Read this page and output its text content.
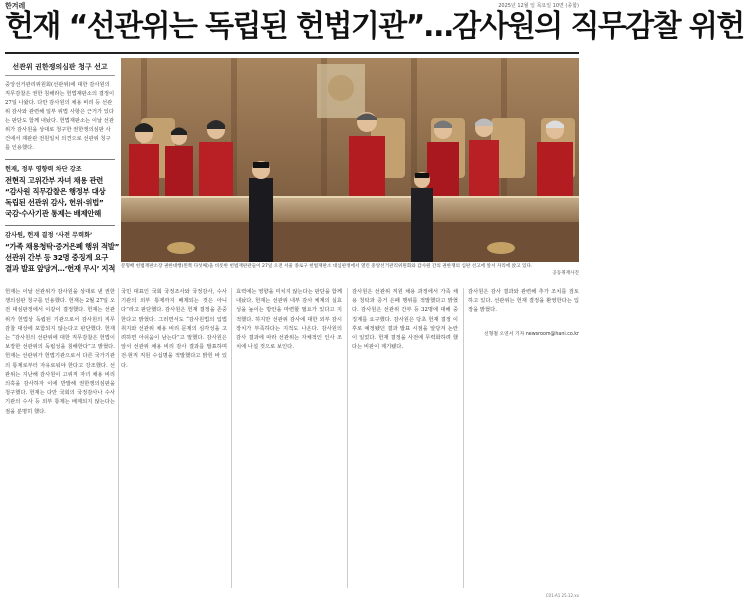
한겨레	2025년 12월 일 목요일 10면 (종합)
헌재 “선관위는 독립된 헌법기관”…감사원의 직무감찰 위헌
선관위 권한쟁의심판 청구 선고

중앙선거관리위원회(선관위)에 대한 감사원의 직무감찰은 권한 침해라는 헌법재판소의 결정이 27일 나왔다. 다만 감사원의 채용 비리 등 선관위 감사와 관련해 일부 위법 사항은 근거가 있다는 판단도 함께 내놨다. 헌법재판소는 이날 선관위가 감사원을 상대로 청구한 권한쟁의심판 사건에서 재판관 전원일치 의견으로 선관위 청구를 인용했다.

헌재, 정부 영향력 차단 강조
전현직 고위간부 자녀 채용 관련
“감사원 직무감찰은 행정부 대상
독립된 선관위 감사, 헌위·위법”
국감·수사기관 통제는 배제안해
감사원, 헌재 결정 ‘사전 무력화’
“가족 채용청탁·증거은폐 행위 적발”
선관위 간부 등 32명 중징계 요구
결과 발표 앞당겨…‘헌재 무시’ 지적 문형배 헌법재판소장 권한대행(왼쪽 다섯째)을 비롯한 헌법재판관들이 27일 오전 서울 종로구 헌법재판소 대심판정에서 열린 중앙선거관리위원회와 감사원 간의 권한쟁의 심판 선고에 앞서 자리에 앉고 있다.
공동취재사진
헌재는 이날 선관위가 감사원을 상대로 낸 권한쟁의심판 청구를 인용했다. 헌재는 2월 27일 오전 대심판정에서 이같이 결정했다. 헌재는 선관위가 헌법상 독립된 기관으로서 감사원의 직무감찰 대상에 포함되지 않는다고 판단했다. 헌재는 “감사원의 선관위에 대한 직무감찰은 헌법이 보장한 선관위의 독립성을 침해한다”고 밝혔다. 헌재는 선관위가 헌법기관으로서 다른 국가기관의 통제로부터 자유로워야 한다고 강조했다. 선관위는 지난해 감사원이 고위직 자녀 채용 비리 의혹을 감사하자 이에 반발해 권한쟁의심판을 청구했다. 헌재는 다만 국회의 국정감사나 수사기관의 수사 등 외부 통제는 배제되지 않는다는 점을 분명히 했다.
국민 대표인 국회 국정조사와 국정감사, 수사기관의 외부 통제까지 배제되는 것은 아니다”라고 판단했다. 감사원은 헌재 결정을 존중한다고 밝혔다. 그러면서도 “감사원법의 입법 취지와 선관위 채용 비리 문제의 심각성을 고려하면 아쉬움이 남는다”고 말했다. 감사원은 앞서 선관위 채용 비리 감사 결과를 발표하며 전·현직 직원 수십명을 적발했다고 밝힌 바 있다.
효력에는 영향을 미치지 않는다는 판단을 함께 내놨다. 헌재는 선관위 내부 감사 체계의 실효성을 높이는 방안을 마련할 필요가 있다고 지적했다. 하지만 선관위 감사에 대한 외부 감시 장치가 부족하다는 지적도 나온다. 감사원의 감사 결과에 따라 선관위는 자체적인 인사 조치에 나설 것으로 보인다.
감사원은 선관위 직원 채용 과정에서 가족 채용 청탁과 증거 은폐 행위를 적발했다고 밝혔다. 감사원은 선관위 간부 등 32명에 대해 중징계를 요구했다. 감사원은 당초 헌재 결정 이후로 예정됐던 결과 발표 시점을 앞당겨 논란이 일었다. 헌재 결정을 사전에 무력화하려 했다는 비판이 제기됐다.
감사원은 감사 결과와 관련해 추가 조치를 검토하고 있다. 선관위는 헌재 결정을 환영한다는 입장을 밝혔다.
신형철 오연서 기자 newsroom@hani.co.kr
C01-A1 25.12.xx
